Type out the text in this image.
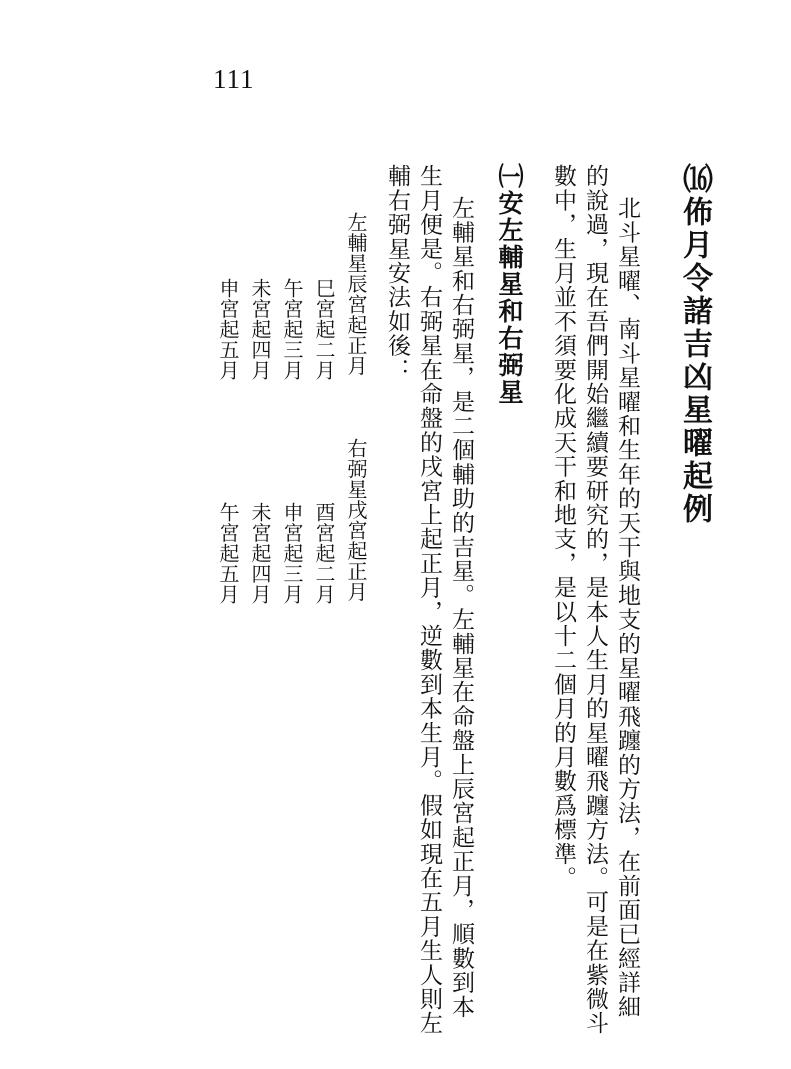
111
⒃佈月令諸吉凶星曜起例
北斗星曜、南斗星曜和生年的天干與地支的星曜飛躔的方法，在前面已經詳細
的說過，現在吾們開始繼續要研究的，是本人生月的星曜飛躔方法。可是在紫微斗
數中，生月並不須要化成天干和地支，是以十二個月的月數爲標準。
㈠安左輔星和右弼星
左輔星和右弼星，是二個輔助的吉星。左輔星在命盤上辰宮起正月，順數到本
生月便是。右弼星在命盤的戌宮上起正月，逆數到本生月。假如現在五月生人則左
輔右弼星安法如後：
左輔星辰宮起正月
巳宮起二月
午宮起三月
未宮起四月
申宮起五月
右弼星戌宮起正月
酉宮起二月
申宮起三月
未宮起四月
午宮起五月
